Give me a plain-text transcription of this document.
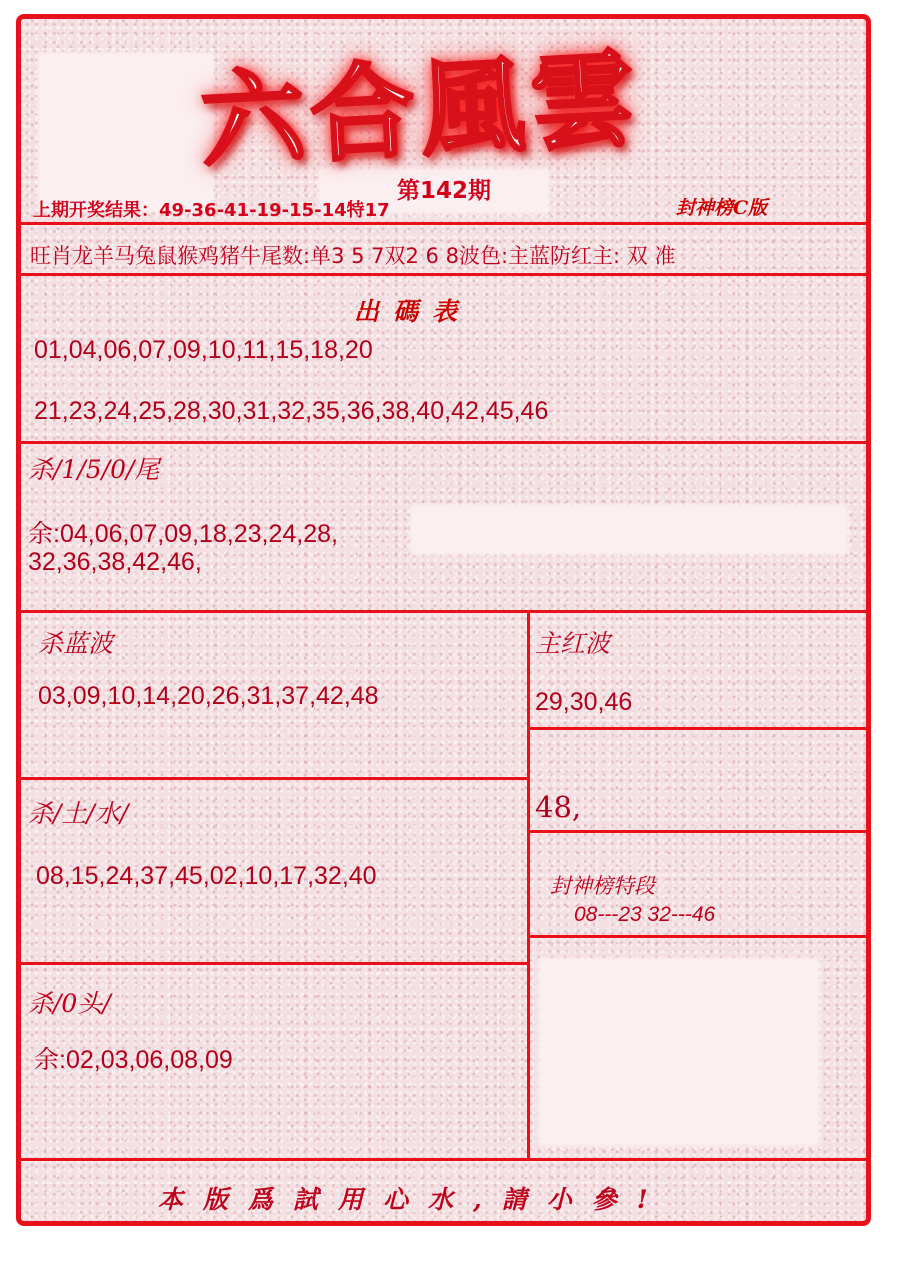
六合風雲
第142期
封神榜C版
上期开奖结果：49-36-41-19-15-14特17
旺肖龙羊马兔鼠猴鸡猪牛尾数:单3 5 7双2 6 8波色:主蓝防红主: 双 准
出碼表
01,04,06,07,09,10,11,15,18,20
21,23,24,25,28,30,31,32,35,36,38,40,42,45,46
杀/1/5/0/尾
余:04,06,07,09,18,23,24,28,
32,36,38,42,46,
杀蓝波
03,09,10,14,20,26,31,37,42,48
主红波
29,30,46
48,
杀/土/水/
08,15,24,37,45,02,10,17,32,40	封神榜特段
08---23 32---46
杀/0头/
余:02,03,06,08,09
本版爲試用心水,請小參!
